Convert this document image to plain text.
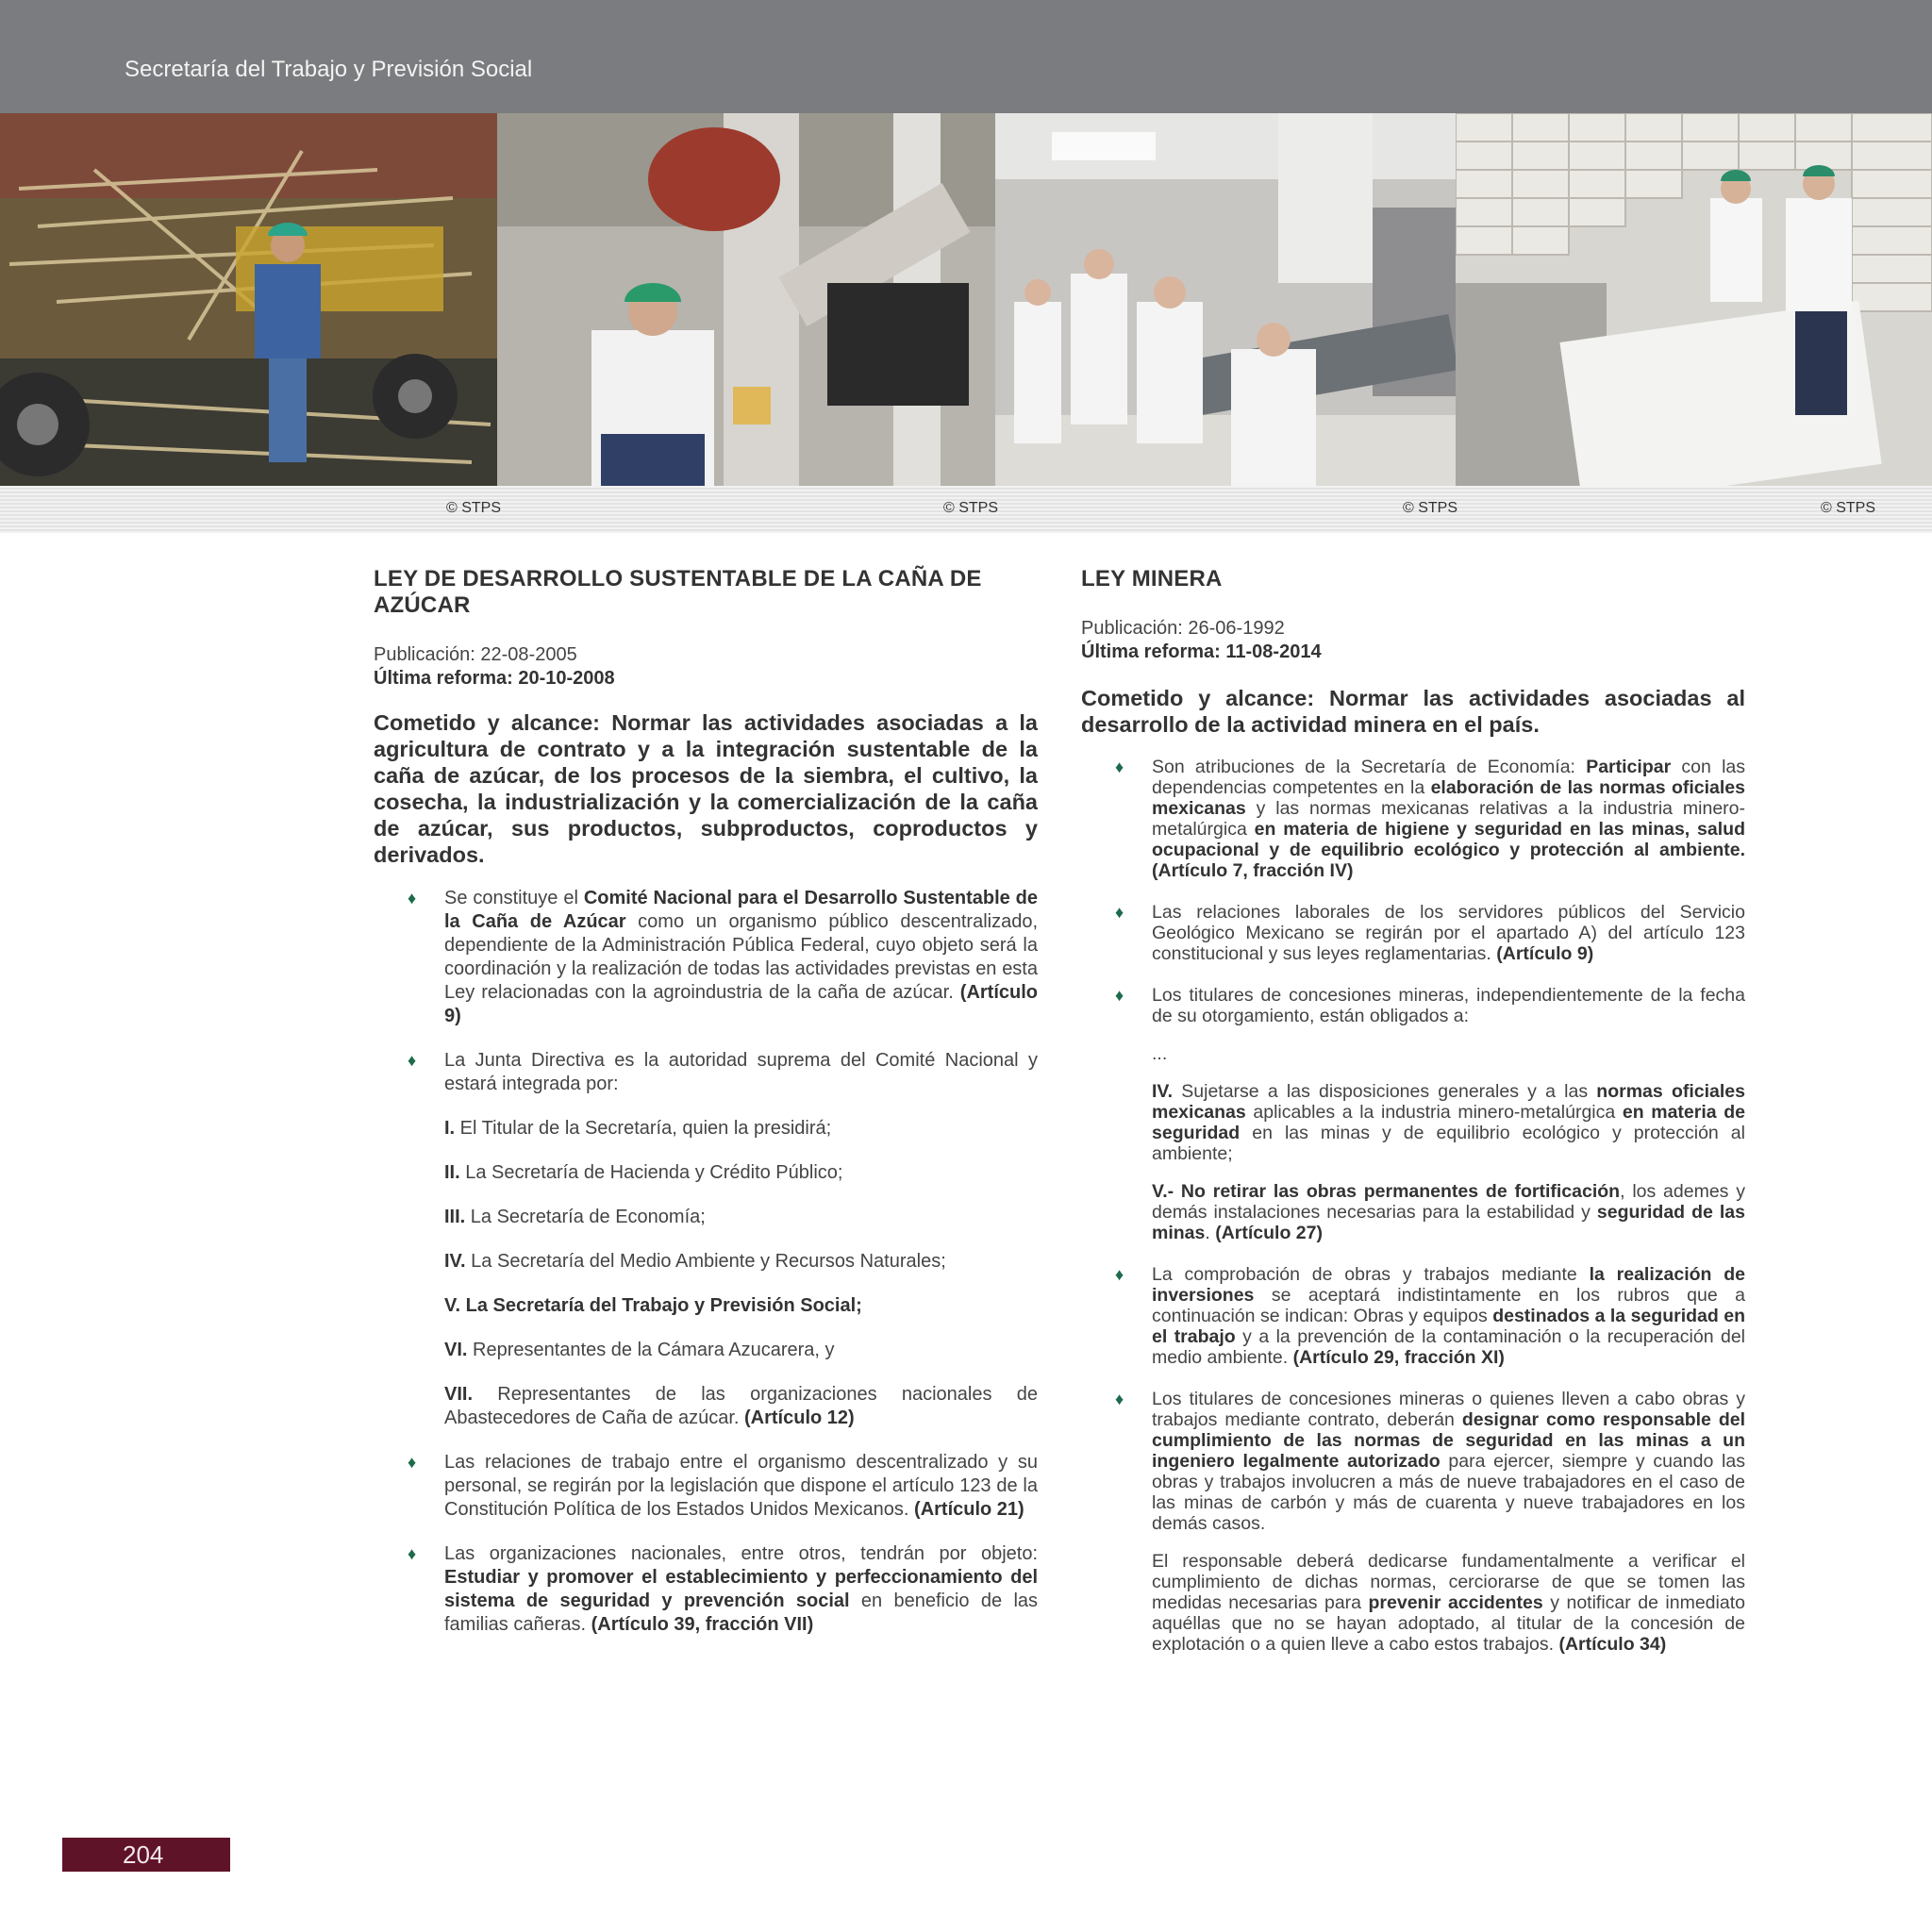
Secretaría del Trabajo y Previsión Social
© STPS	© STPS	© STPS	© STPS
LEY DE DESARROLLO SUSTENTABLE DE LA CAÑA DE AZÚCAR
Publicación: 22-08-2005
Última reforma: 20-10-2008
Cometido y alcance: Normar las actividades asociadas a la agricultura de contrato y a la integración sustentable de la caña de azúcar, de los procesos de la siembra, el cultivo, la cosecha, la industrialización y la comercialización de la caña de azúcar, sus productos, subproductos, coproductos y derivados.
♦ Se constituye el Comité Nacional para el Desarrollo Sustentable de la Caña de Azúcar como un organismo público descentralizado, dependiente de la Administración Pública Federal, cuyo objeto será la coordinación y la realización de todas las actividades previstas en esta Ley relacionadas con la agroindustria de la caña de azúcar. (Artículo 9)

♦ La Junta Directiva es la autoridad suprema del Comité Nacional y estará integrada por:

I. El Titular de la Secretaría, quien la presidirá;

II. La Secretaría de Hacienda y Crédito Público;

III. La Secretaría de Economía;

IV. La Secretaría del Medio Ambiente y Recursos Naturales;

V. La Secretaría del Trabajo y Previsión Social;

VI. Representantes de la Cámara Azucarera, y

VII. Representantes de las organizaciones nacionales de Abastecedores de Caña de azúcar. (Artículo 12)

♦ Las relaciones de trabajo entre el organismo descentralizado y su personal, se regirán por la legislación que dispone el artículo 123 de la Constitución Política de los Estados Unidos Mexicanos. (Artículo 21)

♦ Las organizaciones nacionales, entre otros, tendrán por objeto: Estudiar y promover el establecimiento y perfeccionamiento del sistema de seguridad y prevención social en beneficio de las familias cañeras. (Artículo 39, fracción VII)

LEY MINERA
Publicación: 26-06-1992
Última reforma: 11-08-2014
Cometido y alcance: Normar las actividades asociadas al desarrollo de la actividad minera en el país.
♦ Son atribuciones de la Secretaría de Economía: Participar con las dependencias competentes en la elaboración de las normas oficiales mexicanas y las normas mexicanas relativas a la industria minero-metalúrgica en materia de higiene y seguridad en las minas, salud ocupacional y de equilibrio ecológico y protección al ambiente. (Artículo 7, fracción IV)

♦ Las relaciones laborales de los servidores públicos del Servicio Geológico Mexicano se regirán por el apartado A) del artículo 123 constitucional y sus leyes reglamentarias. (Artículo 9)

♦ Los titulares de concesiones mineras, independientemente de la fecha de su otorgamiento, están obligados a:

...

IV. Sujetarse a las disposiciones generales y a las normas oficiales mexicanas aplicables a la industria minero-metalúrgica en materia de seguridad en las minas y de equilibrio ecológico y protección al ambiente;

V.- No retirar las obras permanentes de fortificación, los ademes y demás instalaciones necesarias para la estabilidad y seguridad de las minas. (Artículo 27)

♦ La comprobación de obras y trabajos mediante la realización de inversiones se aceptará indistintamente en los rubros que a continuación se indican: Obras y equipos destinados a la seguridad en el trabajo y a la prevención de la contaminación o la recuperación del medio ambiente. (Artículo 29, fracción XI)

♦ Los titulares de concesiones mineras o quienes lleven a cabo obras y trabajos mediante contrato, deberán designar como responsable del cumplimiento de las normas de seguridad en las minas a un ingeniero legalmente autorizado para ejercer, siempre y cuando las obras y trabajos involucren a más de nueve trabajadores en el caso de las minas de carbón y más de cuarenta y nueve trabajadores en los demás casos.

El responsable deberá dedicarse fundamentalmente a verificar el cumplimiento de dichas normas, cerciorarse de que se tomen las medidas necesarias para prevenir accidentes y notificar de inmediato aquéllas que no se hayan adoptado, al titular de la concesión de explotación o a quien lleve a cabo estos trabajos. (Artículo 34)

204
